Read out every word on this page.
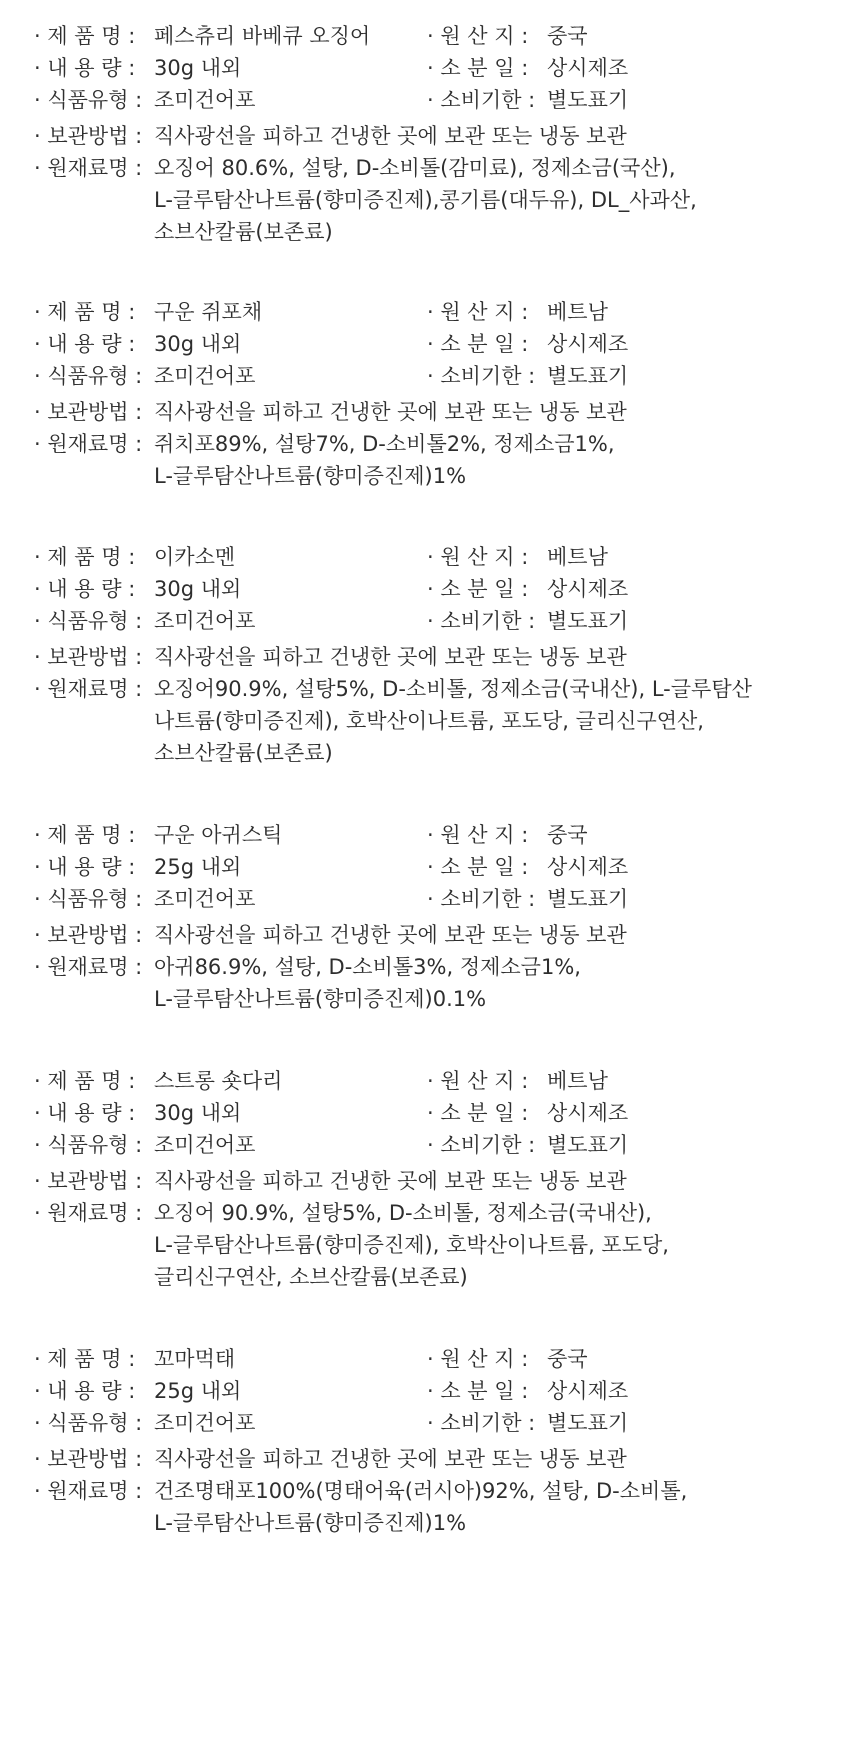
· 제 품 명 : 페스츄리 바베큐 오징어	· 원 산 지 : 중국
· 내 용 량 : 30g 내외	· 소 분 일 : 상시제조
· 식품유형 : 조미건어포	· 소비기한 : 별도표기
· 보관방법 : 직사광선을 피하고 건냉한 곳에 보관 또는 냉동 보관
· 원재료명 : 오징어 80.6%, 설탕, D-소비톨(감미료), 정제소금(국산),
L-글루탐산나트륨(향미증진제),콩기름(대두유), DL_사과산,
소브산칼륨(보존료)
· 제 품 명 : 구운 쥐포채	· 원 산 지 : 베트남
· 내 용 량 : 30g 내외	· 소 분 일 : 상시제조
· 식품유형 : 조미건어포	· 소비기한 : 별도표기
· 보관방법 : 직사광선을 피하고 건냉한 곳에 보관 또는 냉동 보관
· 원재료명 : 쥐치포89%, 설탕7%, D-소비톨2%, 정제소금1%,
L-글루탐산나트륨(향미증진제)1%
· 제 품 명 : 이카소멘	· 원 산 지 : 베트남
· 내 용 량 : 30g 내외	· 소 분 일 : 상시제조
· 식품유형 : 조미건어포	· 소비기한 : 별도표기
· 보관방법 : 직사광선을 피하고 건냉한 곳에 보관 또는 냉동 보관
· 원재료명 : 오징어90.9%, 설탕5%, D-소비톨, 정제소금(국내산), L-글루탐산
나트륨(향미증진제), 호박산이나트륨, 포도당, 글리신구연산,
소브산칼륨(보존료)
· 제 품 명 : 구운 아귀스틱	· 원 산 지 : 중국
· 내 용 량 : 25g 내외	· 소 분 일 : 상시제조
· 식품유형 : 조미건어포	· 소비기한 : 별도표기
· 보관방법 : 직사광선을 피하고 건냉한 곳에 보관 또는 냉동 보관
· 원재료명 : 아귀86.9%, 설탕, D-소비톨3%, 정제소금1%,
L-글루탐산나트륨(향미증진제)0.1%
· 제 품 명 : 스트롱 숏다리	· 원 산 지 : 베트남
· 내 용 량 : 30g 내외	· 소 분 일 : 상시제조
· 식품유형 : 조미건어포	· 소비기한 : 별도표기
· 보관방법 : 직사광선을 피하고 건냉한 곳에 보관 또는 냉동 보관
· 원재료명 : 오징어 90.9%, 설탕5%, D-소비톨, 정제소금(국내산),
L-글루탐산나트륨(향미증진제), 호박산이나트륨, 포도당,
글리신구연산, 소브산칼륨(보존료)
· 제 품 명 : 꼬마먹태	· 원 산 지 : 중국
· 내 용 량 : 25g 내외	· 소 분 일 : 상시제조
· 식품유형 : 조미건어포	· 소비기한 : 별도표기
· 보관방법 : 직사광선을 피하고 건냉한 곳에 보관 또는 냉동 보관
· 원재료명 : 건조명태포100%(명태어육(러시아)92%, 설탕, D-소비톨,
L-글루탐산나트륨(향미증진제)1%
